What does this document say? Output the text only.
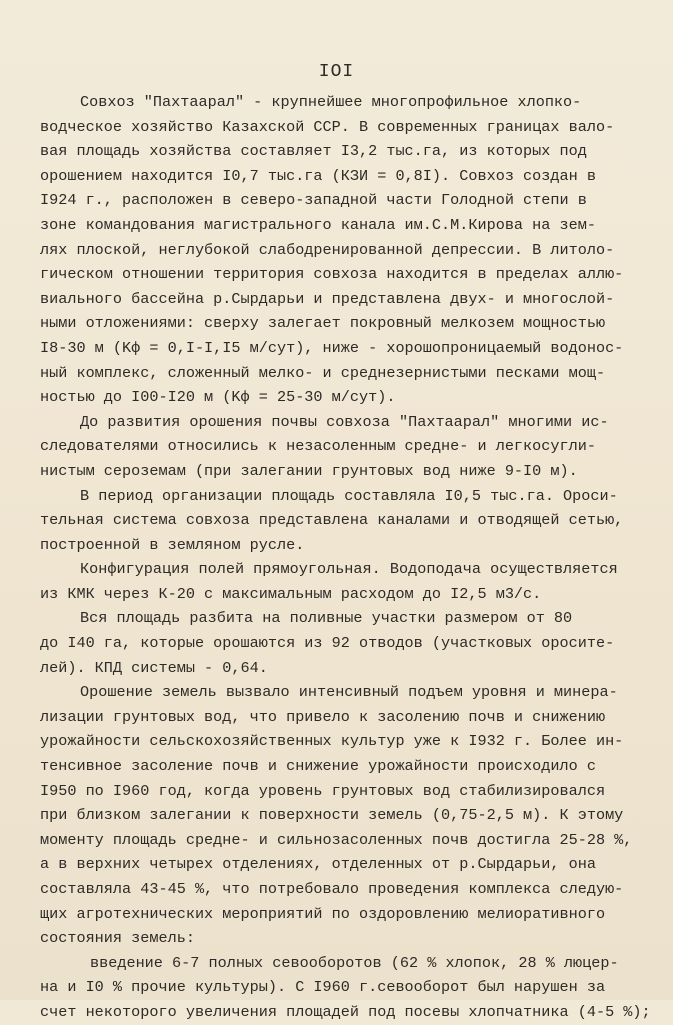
IOI
Совхоз "Пахтаарал" - крупнейшее многопрофильное хлопко-
водческое хозяйство Казахской ССР. В современных границах вало-
вая площадь хозяйства составляет I3,2 тыс.га, из которых под
орошением находится I0,7 тыс.га (КЗИ = 0,8I). Совхоз создан в
I924 г., расположен в северо-западной части Голодной степи в
зоне командования магистрального канала им.С.М.Кирова на зем-
лях плоской, неглубокой слабодренированной депрессии. В литоло-
гическом отношении территория совхоза находится в пределах аллю-
виального бассейна р.Сырдарьи и представлена двух- и многослой-
ными отложениями: сверху залегает покровный мелкозем мощностью
I8-30 м (Kф = 0,I-I,I5 м/сут), ниже - хорошопроницаемый водонос-
ный комплекс, сложенный мелко- и среднезернистыми песками мощ-
ностью до I00-I20 м (Kф = 25-30 м/сут).
До развития орошения почвы совхоза "Пахтаарал" многими ис-
следователями относились к незасоленным средне- и легкосугли-
нистым сероземам (при залегании грунтовых вод ниже 9-I0 м).
В период организации площадь составляла I0,5 тыс.га. Ороси-
тельная система совхоза представлена каналами и отводящей сетью,
построенной в земляном русле.
Конфигурация полей прямоугольная. Водоподача осуществляется
из КМК через К-20 с максимальным расходом до I2,5 м3/с.
Вся площадь разбита на поливные участки размером от 80
до I40 га, которые орошаются из 92 отводов (участковых оросите-
лей). КПД системы - 0,64.
Орошение земель вызвало интенсивный подъем уровня и минера-
лизации грунтовых вод, что привело к засолению почв и снижению
урожайности сельскохозяйственных культур уже к I932 г. Более ин-
тенсивное засоление почв и снижение урожайности происходило с
I950 по I960 год, когда уровень грунтовых вод стабилизировался
при близком залегании к поверхности земель (0,75-2,5 м). К этому
моменту площадь средне- и сильнозасоленных почв достигла 25-28 %,
а в верхних четырех отделениях, отделенных от р.Сырдарьи, она
составляла 43-45 %, что потребовало проведения комплекса следую-
щих агротехнических мероприятий по оздоровлению мелиоративного
состояния земель:
введение 6-7 полных севооборотов (62 % хлопок, 28 % люцер-
на и I0 % прочие культуры). С I960 г.севооборот был нарушен за
счет некоторого увеличения площадей под посевы хлопчатника (4-5 %);
